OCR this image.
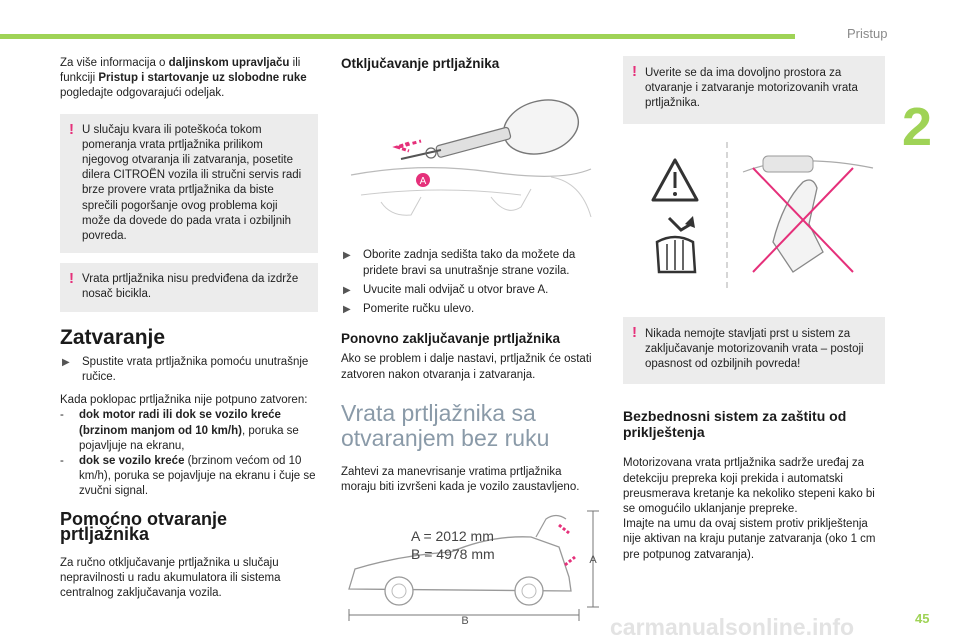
Pristup
2
45
carmanualsonline.info

Za više informacija o daljinskom upravljaču ili funkciji Pristup i startovanje uz slobodne ruke pogledajte odgovarajući odeljak.

! U slučaju kvara ili poteškoća tokom pomeranja vrata prtljažnika prilikom njegovog otvaranja ili zatvaranja, posetite dilera CITROËN vozila ili stručni servis radi brze provere vrata prtljažnika da biste sprečili pogoršanje ovog problema koji može da dovede do pada vrata i ozbiljnih povreda.

! Vrata prtljažnika nisu predviđena da izdrže nosač bicikla.

Zatvaranje
▶ Spustite vrata prtljažnika pomoću unutrašnje ručice.

Kada poklopac prtljažnika nije potpuno zatvoren:

- dok motor radi ili dok se vozilo kreće (brzinom manjom od 10 km/h), poruka se pojavljuje na ekranu,
- dok se vozilo kreće (brzinom većom od 10 km/h), poruka se pojavljuje na ekranu i čuje se zvučni signal.
Pomoćno otvaranje prtljažnika

Za ručno otključavanje prtljažnika u slučaju nepravilnosti u radu akumulatora ili sistema centralnog zaključavanja vozila.

Otključavanje prtljažnika
A
▶ Oborite zadnja sedišta tako da možete da pridete bravi sa unutrašnje strane vozila.
▶ Uvucite mali odvijač u otvor brave A.
▶ Pomerite ručku ulevo.
Ponovno zaključavanje prtljažnika

Ako se problem i dalje nastavi, prtljažnik će ostati zatvoren nakon otvaranja i zatvaranja.

Vrata prtljažnika sa otvaranjem bez ruku

Zahtevi za manevrisanje vratima prtljažnika moraju biti izvršeni kada je vozilo zaustavljeno.

A
B
A = 2012 mm
B = 4978 mm
! Uverite se da ima dovoljno prostora za otvaranje i zatvaranje motorizovanih vrata prtljažnika.

! Nikada nemojte stavljati prst u sistem za zaključavanje motorizovanih vrata – postoji opasnost od ozbiljnih povreda!

Bezbednosni sistem za zaštitu od priklještenja

Motorizovana vrata prtljažnika sadrže uređaj za detekciju prepreka koji prekida i automatski preusmerava kretanje ka nekoliko stepeni kako bi se omogućilo uklanjanje prepreke.

Imajte na umu da ovaj sistem protiv priklještenja nije aktivan na kraju putanje zatvaranja (oko 1 cm pre potpunog zatvaranja).
